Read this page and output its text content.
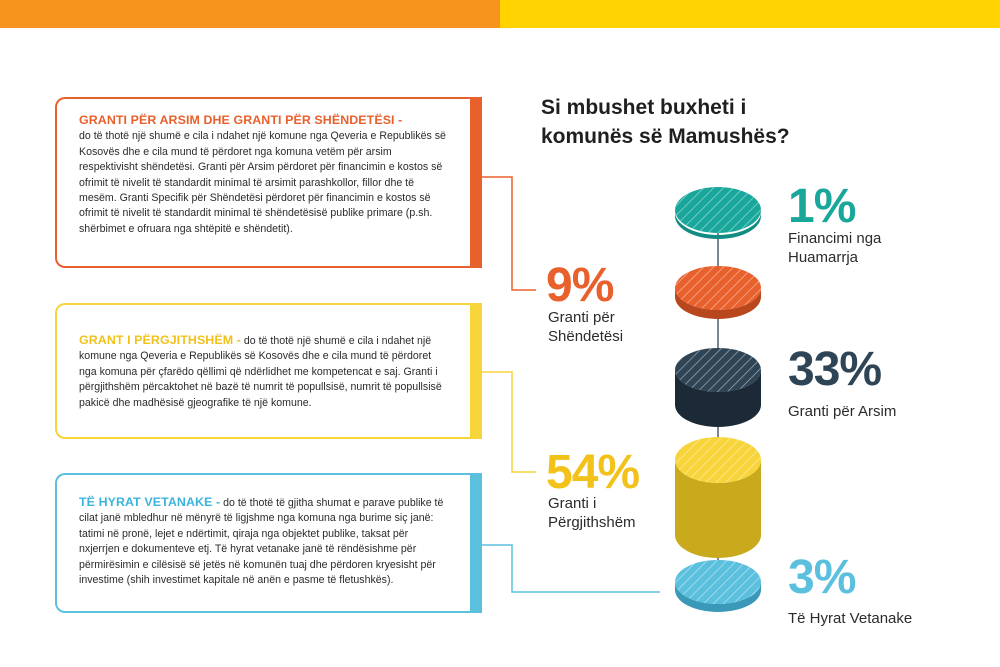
GRANTI PËR ARSIM DHE GRANTI PËR SHËNDETËSI -
do të thotë një shumë e cila i ndahet një komune nga Qeveria e Republikës së Kosovës dhe e cila mund të përdoret nga komuna vetëm për arsim respektivisht shëndetësi. Granti për Arsim përdoret për financimin e kostos së ofrimit të nivelit të standardit minimal të arsimit parashkollor, fillor dhe të mesëm. Granti Specifik për Shëndetësi përdoret për financimin e kostos së ofrimit të nivelit të standardit minimal të shëndetësisë publike primare (p.sh. shërbimet e ofruara nga shtëpitë e shëndetit).

GRANT I PËRGJITHSHËM - do të thotë një shumë e cila i ndahet një komune nga Qeveria e Republikës së Kosovës dhe e cila mund të përdoret nga komuna për çfarëdo qëllimi që ndërlidhet me kompetencat e saj. Granti i përgjithshëm përcaktohet në bazë të numrit të popullsisë, numrit të popullsisë pakicë dhe madhësisë gjeografike të një komune.

TË HYRAT VETANAKE - do të thotë të gjitha shumat e parave publike të cilat janë mbledhur në mënyrë të ligjshme nga komuna nga burime siç janë: tatimi në pronë, lejet e ndërtimit, qiraja nga objektet publike, taksat për nxjerrjen e dokumenteve etj. Të hyrat vetanake janë të rëndësishme për përmirësimin e cilësisë së jetës në komunën tuaj dhe përdoren kryesisht për investime (shih investimet kapitale në anën e pasme të fletushkës).

Si mbushet buxheti i komunës së Mamushës?
1%
Financimi nga Huamarrja
9%
Granti për Shëndetësi
33%
Granti për Arsim
54%
Granti i Përgjithshëm
3%
Të Hyrat Vetanake
